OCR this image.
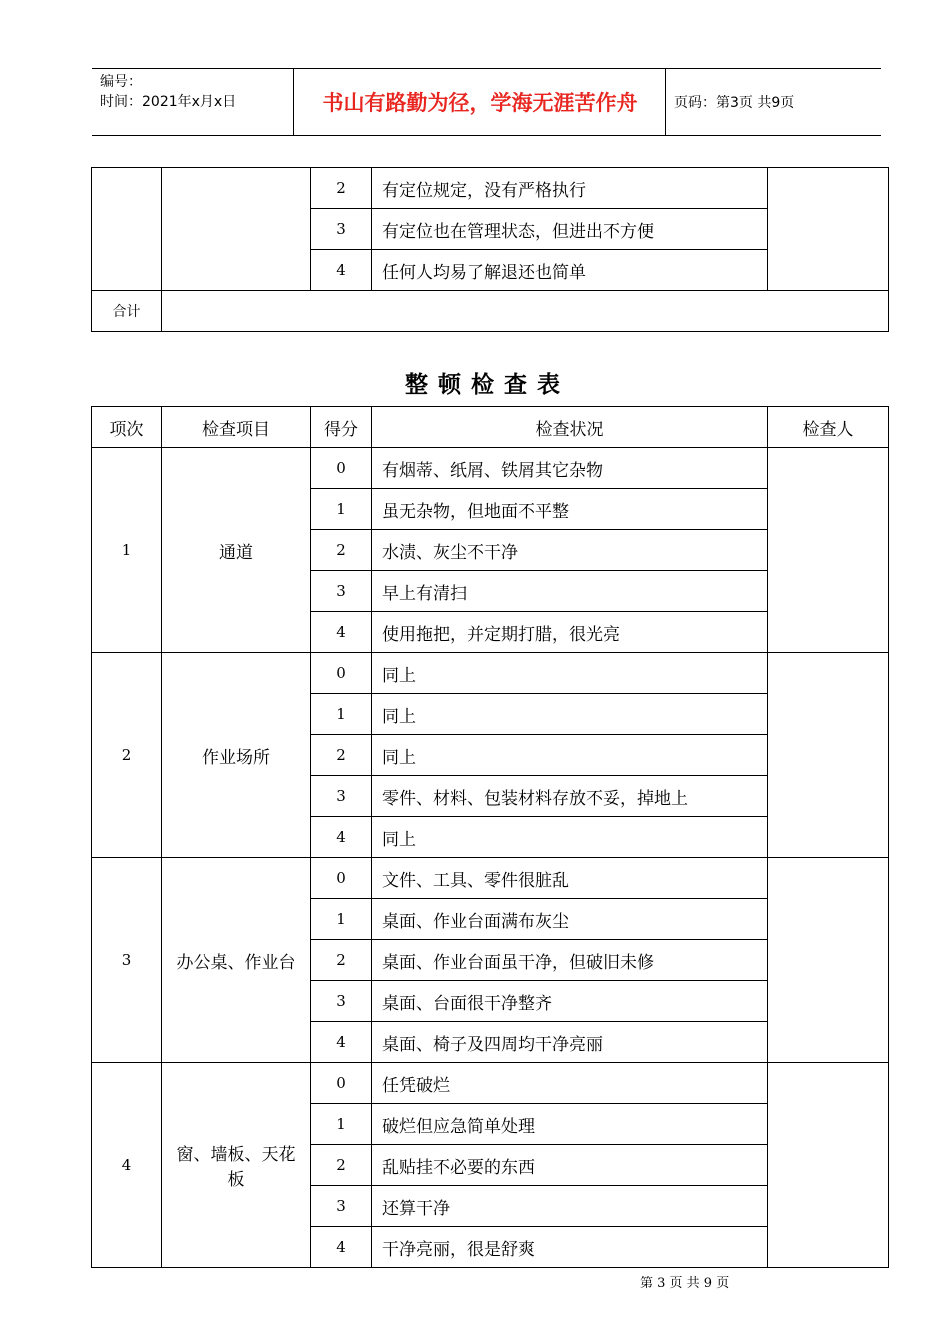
编号：
时间：2021年x月x日	书山有路勤为径，学海无涯苦作舟	页码：第3页 共9页
		2	有定位规定，没有严格执行	
		3	有定位也在管理状态，但进出不方便	
		4	任何人均易了解退还也简单	
合计				
整顿检查表
项次	检查项目	得分	检查状况	检查人
1	通道	0	有烟蒂、纸屑、铁屑其它杂物	
		1	虽无杂物，但地面不平整	
		2	水渍、灰尘不干净	
		3	早上有清扫	
		4	使用拖把，并定期打腊，很光亮	
2	作业场所	0	同上	
		1	同上	
		2	同上	
		3	零件、材料、包装材料存放不妥，掉地上	
		4	同上	
3	办公桌、作业台	0	文件、工具、零件很脏乱	
		1	桌面、作业台面满布灰尘	
		2	桌面、作业台面虽干净，但破旧未修	
		3	桌面、台面很干净整齐	
		4	桌面、椅子及四周均干净亮丽	
4	窗、墙板、天花板	0	任凭破烂	
		1	破烂但应急简单处理	
		2	乱贴挂不必要的东西	
		3	还算干净	
		4	干净亮丽，很是舒爽	
第 3 页 共 9 页
